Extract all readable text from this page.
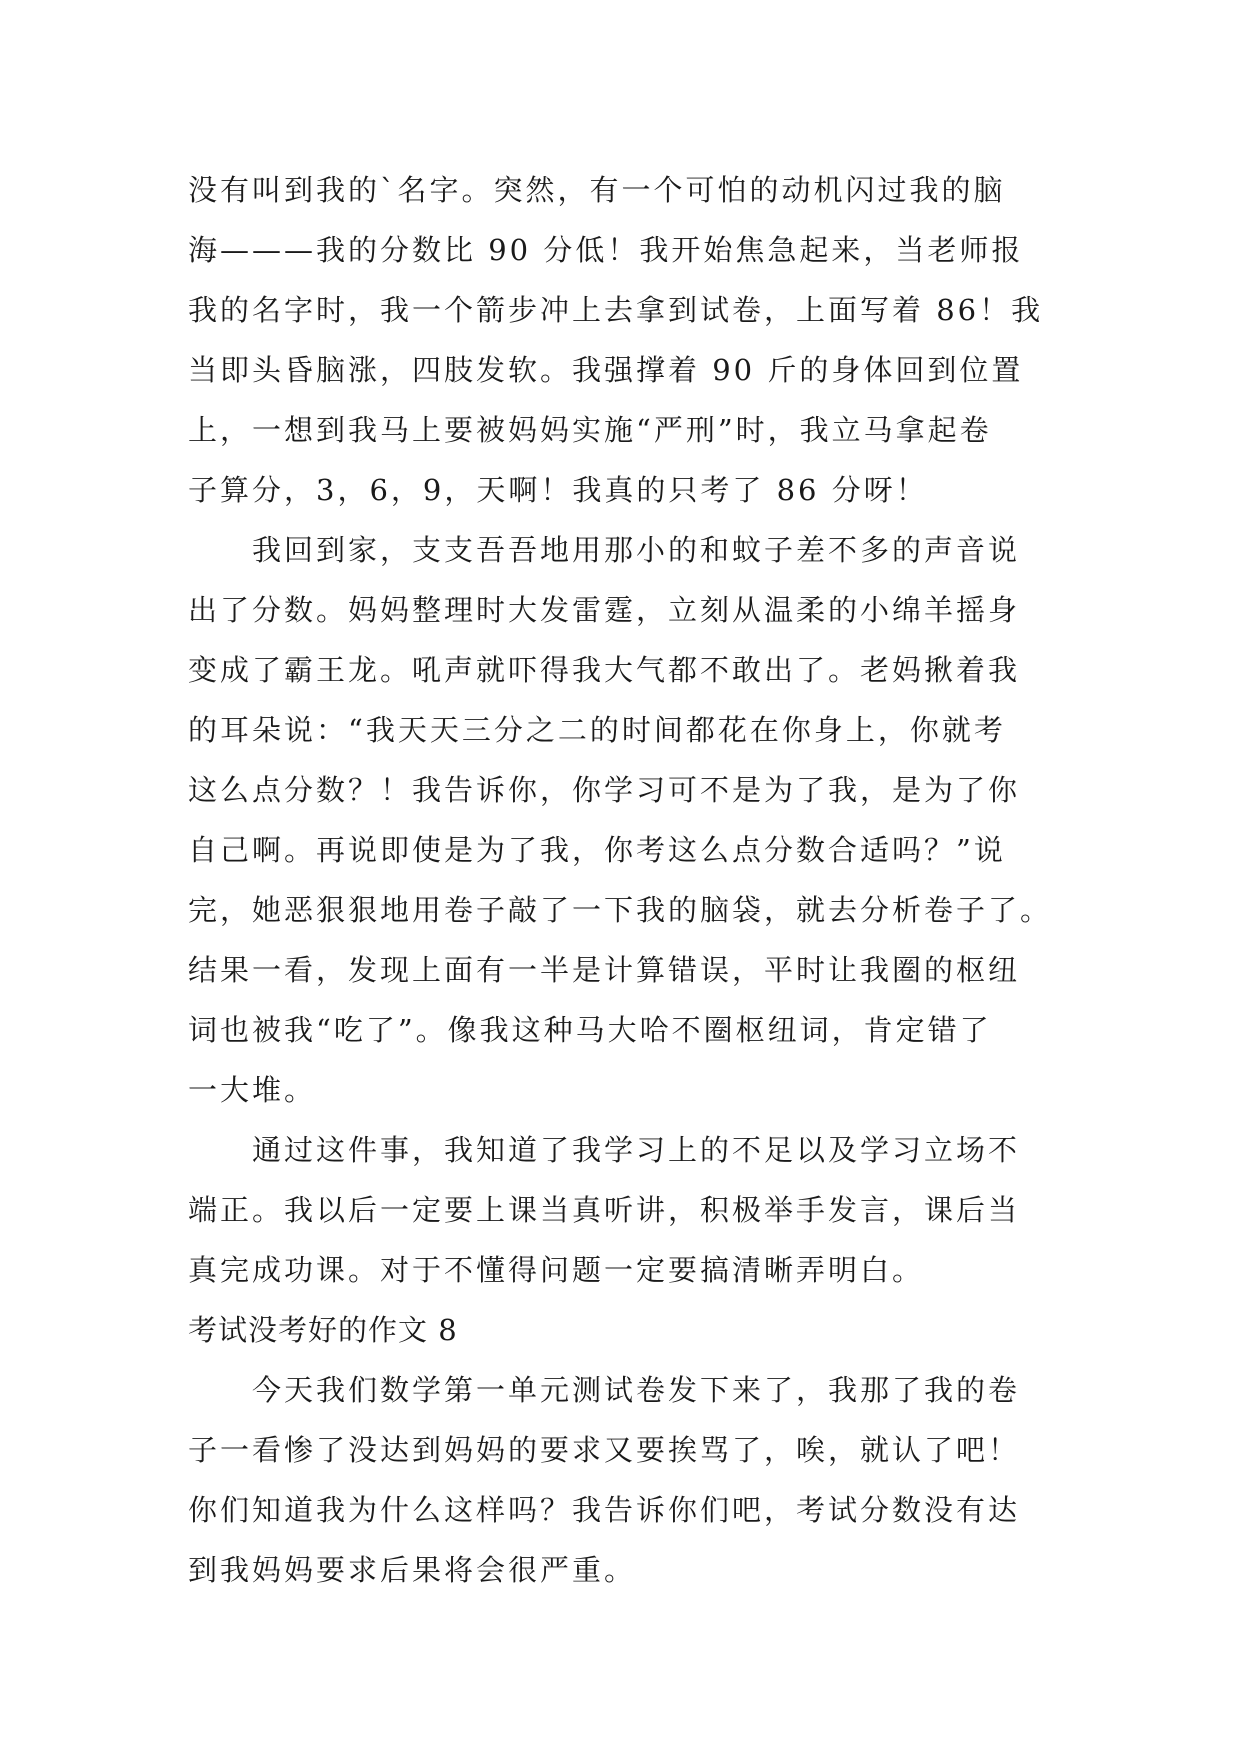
没有叫到我的`名字。突然，有一个可怕的动机闪过我的脑
海———我的分数比 90 分低！我开始焦急起来，当老师报
我的名字时，我一个箭步冲上去拿到试卷，上面写着 86！我
当即头昏脑涨，四肢发软。我强撑着 90 斤的身体回到位置
上，一想到我马上要被妈妈实施“严刑”时，我立马拿起卷
子算分，3，6，9，天啊！我真的只考了 86 分呀！
我回到家，支支吾吾地用那小的和蚊子差不多的声音说
出了分数。妈妈整理时大发雷霆，立刻从温柔的小绵羊摇身
变成了霸王龙。吼声就吓得我大气都不敢出了。老妈揪着我
的耳朵说：“我天天三分之二的时间都花在你身上，你就考
这么点分数？！我告诉你，你学习可不是为了我，是为了你
自己啊。再说即使是为了我，你考这么点分数合适吗？”说
完，她恶狠狠地用卷子敲了一下我的脑袋，就去分析卷子了。
结果一看，发现上面有一半是计算错误，平时让我圈的枢纽
词也被我“吃了”。像我这种马大哈不圈枢纽词，肯定错了
一大堆。
通过这件事，我知道了我学习上的不足以及学习立场不
端正。我以后一定要上课当真听讲，积极举手发言，课后当
真完成功课。对于不懂得问题一定要搞清晰弄明白。
考试没考好的作文 8
今天我们数学第一单元测试卷发下来了，我那了我的卷
子一看惨了没达到妈妈的要求又要挨骂了，唉，就认了吧！
你们知道我为什么这样吗？我告诉你们吧，考试分数没有达
到我妈妈要求后果将会很严重。
